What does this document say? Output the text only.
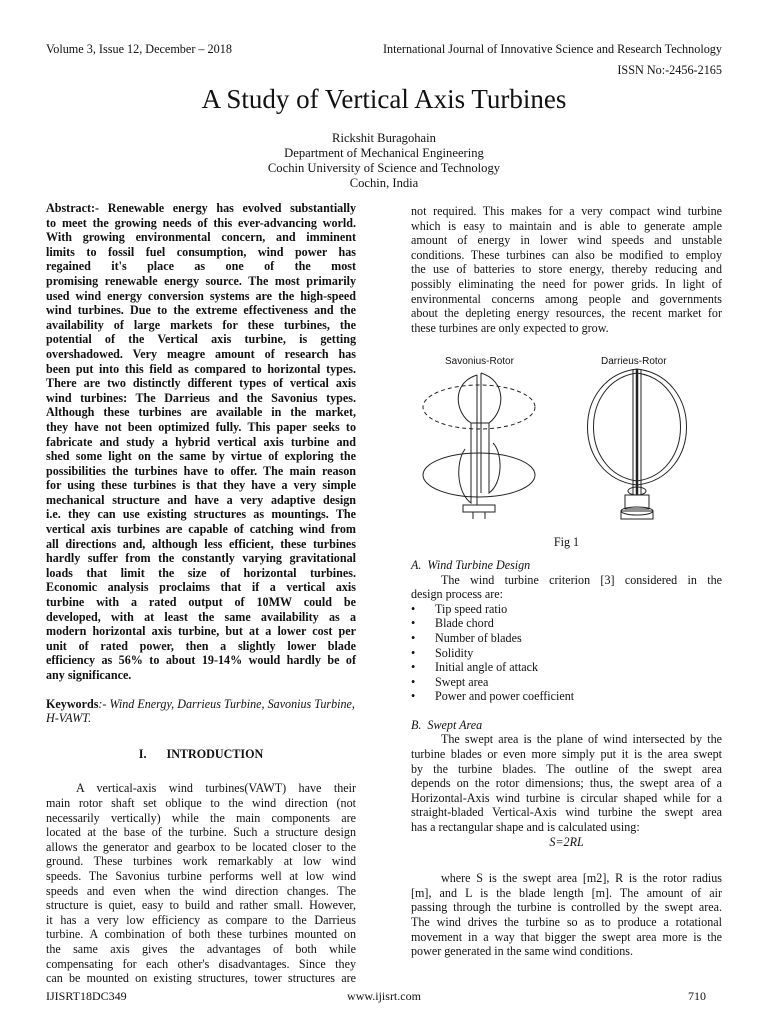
Volume 3, Issue 12, December – 2018	International Journal of Innovative Science and Research Technology
ISSN No:-2456-2165
A Study of Vertical Axis Turbines
Rickshit Buragohain
Department of Mechanical Engineering
Cochin University of Science and Technology
Cochin, India

Abstract:- Renewable energy has evolved substantially

to meet the growing needs of this ever-advancing world.

With growing environmental concern, and imminent

limits to fossil fuel consumption, wind power has

regained it's place as one of the most

promising renewable energy source. The most primarily

used wind energy conversion systems are the high-speed

wind turbines. Due to the extreme effectiveness and the

availability of large markets for these turbines, the

potential of the Vertical axis turbine, is getting

overshadowed. Very meagre amount of research has

been put into this field as compared to horizontal types.

There are two distinctly different types of vertical axis

wind turbines: The Darrieus and the Savonius types.

Although these turbines are available in the market,

they have not been optimized fully. This paper seeks to

fabricate and study a hybrid vertical axis turbine and

shed some light on the same by virtue of exploring the

possibilities the turbines have to offer. The main reason

for using these turbines is that they have a very simple

mechanical structure and have a very adaptive design

i.e. they can use existing structures as mountings. The

vertical axis turbines are capable of catching wind from

all directions and, although less efficient, these turbines

hardly suffer from the constantly varying gravitational

loads that limit the size of horizontal turbines.

Economic analysis proclaims that if a vertical axis

turbine with a rated output of 10MW could be

developed, with at least the same availability as a

modern horizontal axis turbine, but at a lower cost per

unit of rated power, then a slightly lower blade

efficiency as 56% to about 19-14% would hardly be of

any significance.

Keywords:- Wind Energy, Darrieus Turbine, Savonius Turbine, H-VAWT.

I. INTRODUCTION

A vertical-axis wind turbines(VAWT) have their

main rotor shaft set oblique to the wind direction (not

necessarily vertically) while the main components are

located at the base of the turbine. Such a structure design

allows the generator and gearbox to be located closer to the

ground. These turbines work remarkably at low wind

speeds. The Savonius turbine performs well at low wind

speeds and even when the wind direction changes. The

structure is quiet, easy to build and rather small. However,

it has a very low efficiency as compare to the Darrieus

turbine. A combination of both these turbines mounted on

the same axis gives the advantages of both while

compensating for each other's disadvantages. Since they

can be mounted on existing structures, tower structures are

not required. This makes for a very compact wind turbine

which is easy to maintain and is able to generate ample

amount of energy in lower wind speeds and unstable

conditions. These turbines can also be modified to employ

the use of batteries to store energy, thereby reducing and

possibly eliminating the need for power grids. In light of

environmental concerns among people and governments

about the depleting energy resources, the recent market for

these turbines are only expected to grow.

Savonius-Rotor	Darrieus-Rotor
Fig 1
A. Wind Turbine Design

The wind turbine criterion [3] considered in the

design process are:

• Tip speed ratio
• Blade chord
• Number of blades
• Solidity
• Initial angle of attack
• Swept area
• Power and power coefficient
B. Swept Area

The swept area is the plane of wind intersected by the

turbine blades or even more simply put it is the area swept

by the turbine blades. The outline of the swept area

depends on the rotor dimensions; thus, the swept area of a

Horizontal-Axis wind turbine is circular shaped while for a

straight-bladed Vertical-Axis wind turbine the swept area

has a rectangular shape and is calculated using:

S=2RL

where S is the swept area [m2], R is the rotor radius

[m], and L is the blade length [m]. The amount of air

passing through the turbine is controlled by the swept area.

The wind drives the turbine so as to produce a rotational

movement in a way that bigger the swept area more is the

power generated in the same wind conditions.

IJISRT18DC349	www.ijisrt.com	710
